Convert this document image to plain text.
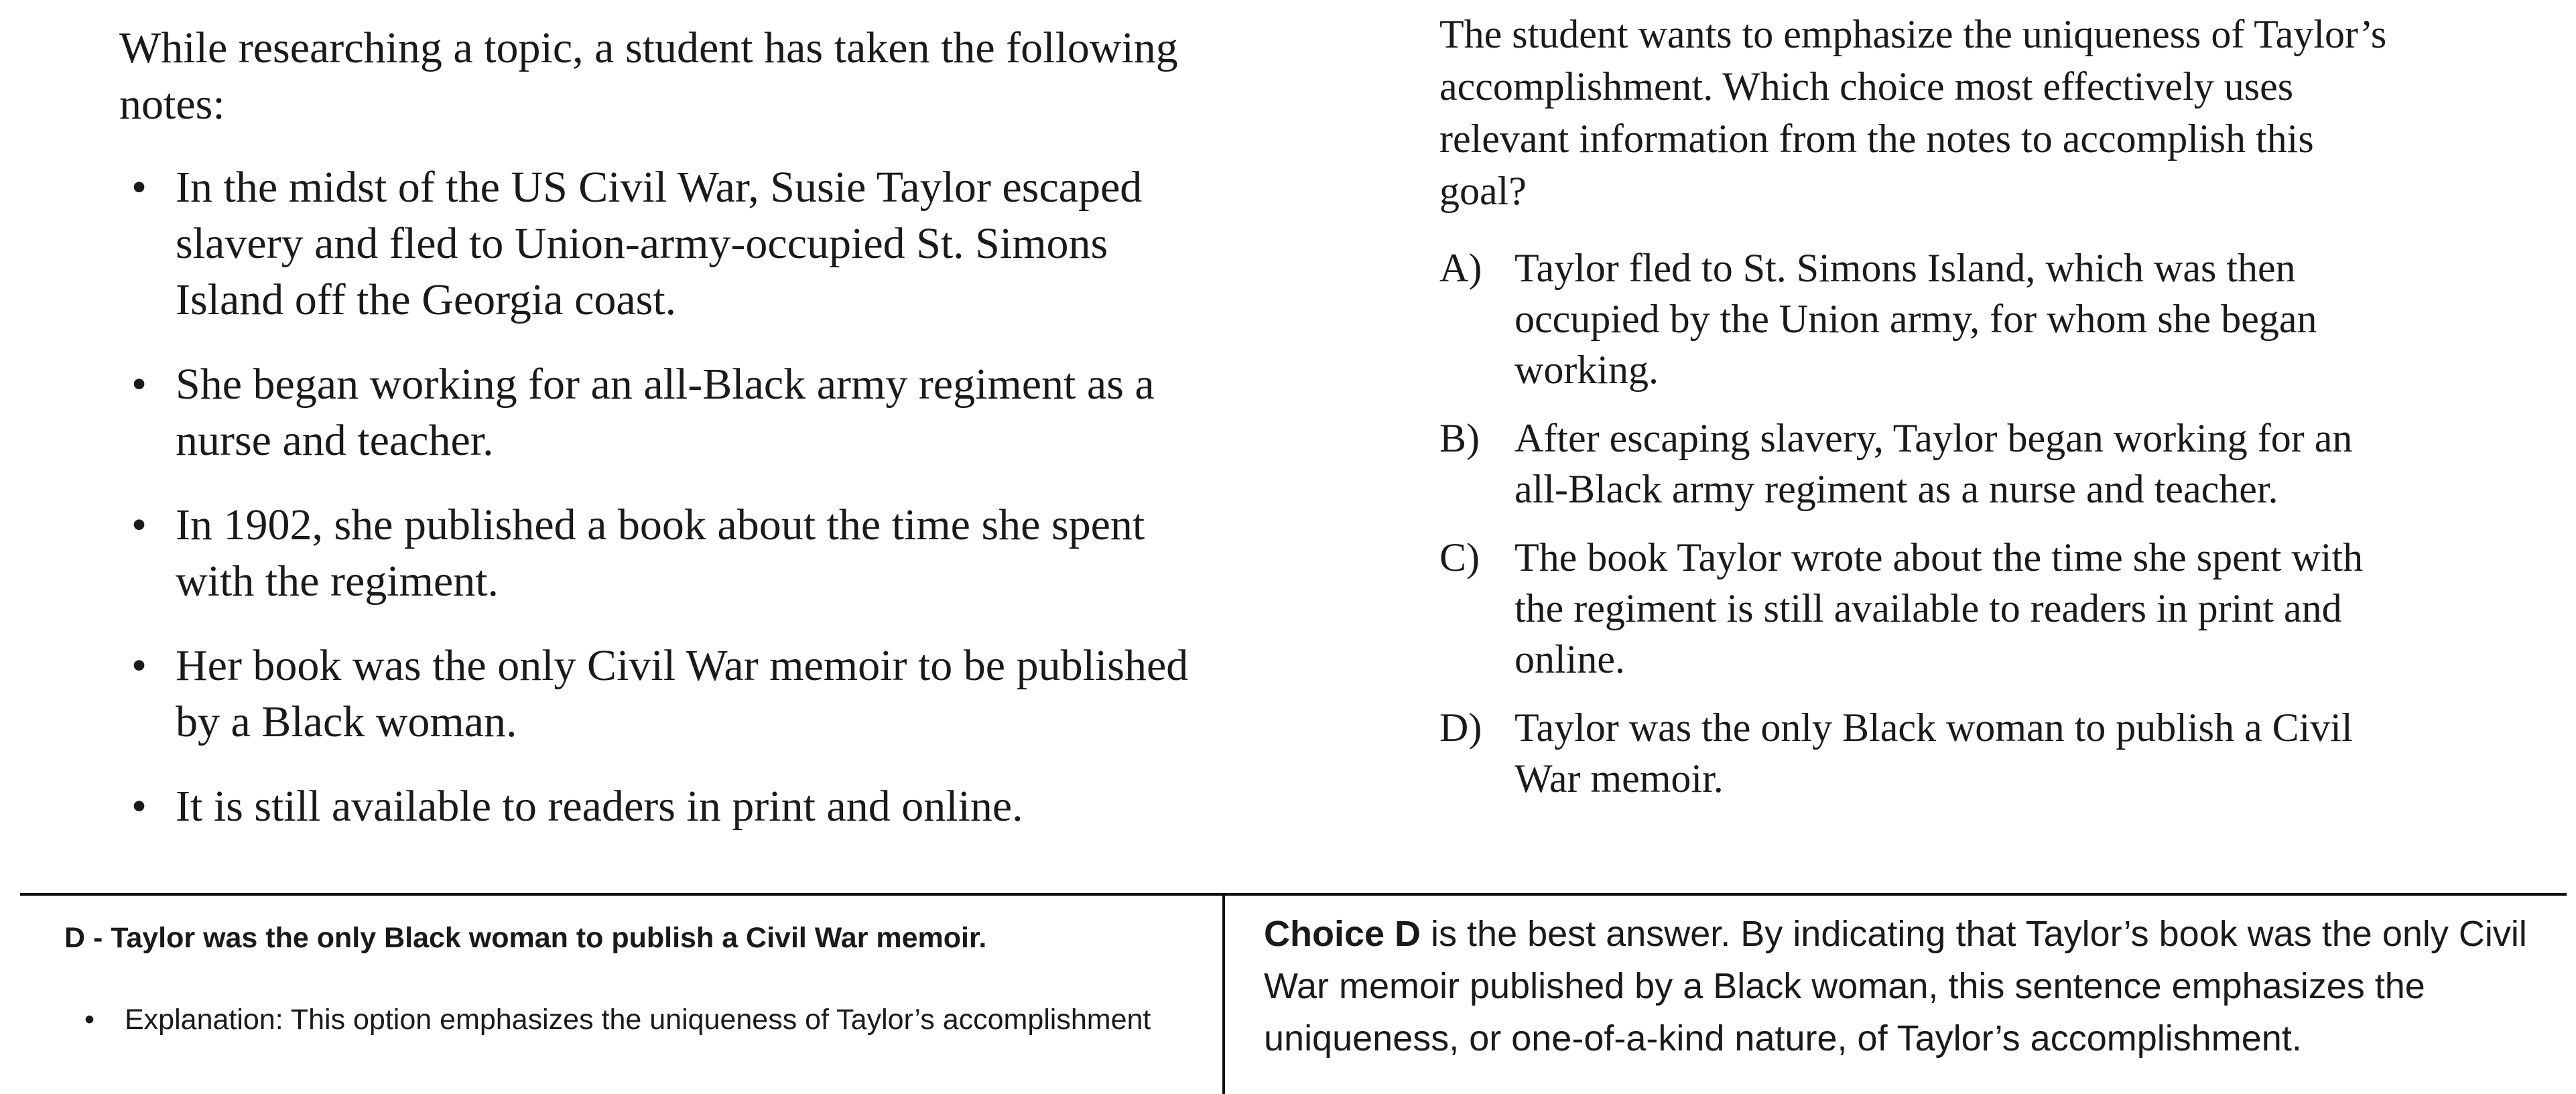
While researching a topic, a student has taken the following notes:

• In the midst of the US Civil War, Susie Taylor escaped slavery and fled to Union-army-occupied St. Simons Island off the Georgia coast.
• She began working for an all-Black army regiment as a nurse and teacher.
• In 1902, she published a book about the time she spent with the regiment.
• Her book was the only Civil War memoir to be published by a Black woman.
• It is still available to readers in print and online.

The student wants to emphasize the uniqueness of Taylor’s accomplishment. Which choice most effectively uses relevant information from the notes to accomplish this goal?

A) Taylor fled to St. Simons Island, which was then occupied by the Union army, for whom she began working.
B) After escaping slavery, Taylor began working for an all-Black army regiment as a nurse and teacher.
C) The book Taylor wrote about the time she spent with the regiment is still available to readers in print and online.
D) Taylor was the only Black woman to publish a Civil War memoir.

D - Taylor was the only Black woman to publish a Civil War memoir.

• Explanation: This option emphasizes the uniqueness of Taylor’s accomplishment
Choice D is the best answer. By indicating that Taylor’s book was the only Civil War memoir published by a Black woman, this sentence emphasizes the uniqueness, or one-of-a-kind nature, of Taylor’s accomplishment.
